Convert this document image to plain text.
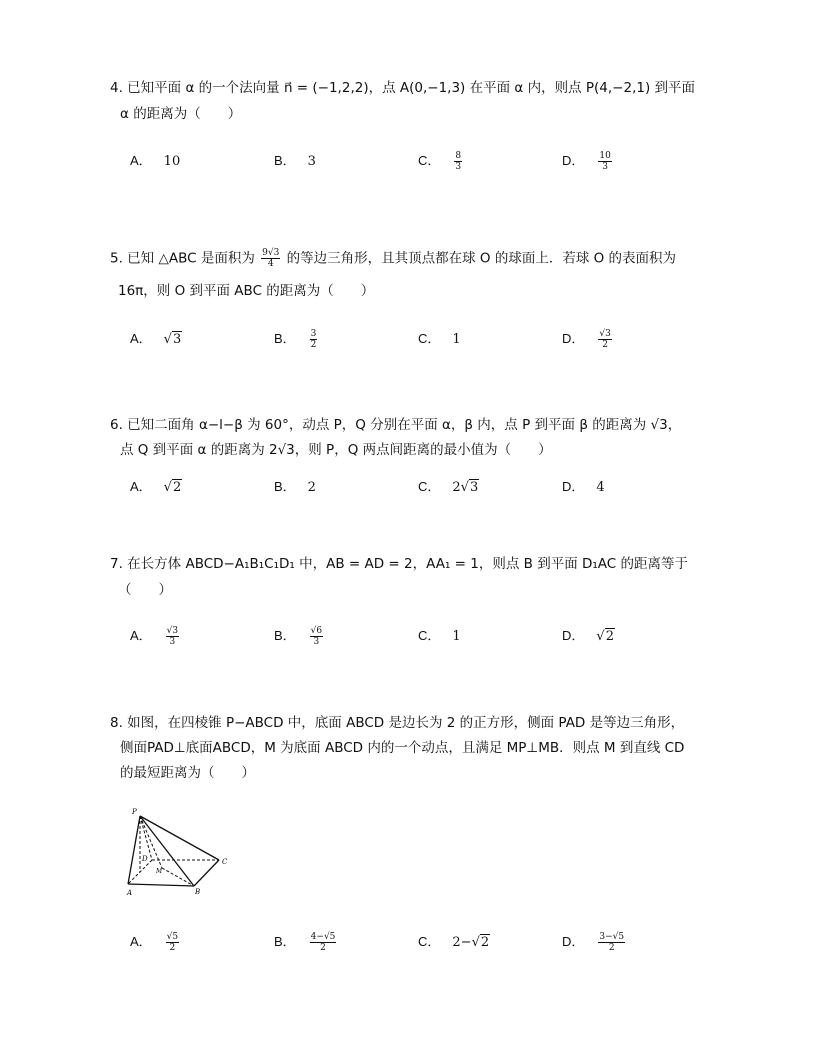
4. 已知平面 α 的一个法向量 n⃗ = (−1,2,2)，点 A(0,−1,3) 在平面 α 内，则点 P(4,−2,1) 到平面
α 的距离为（　　）
A． 10	B． 3	C． $\frac{8}{3}$	D． $\frac{10}{3}$
5. 已知 △ABC 是面积为 $\frac{9√3}{4}$ 的等边三角形，且其顶点都在球 O 的球面上．若球 O 的表面积为
16π，则 O 到平面 ABC 的距离为（　　）
A． √3	B． $\frac{3}{2}$	C． 1	D． $\frac{√3}{2}$
6. 已知二面角 α−l−β 为 60°，动点 P，Q 分别在平面 α，β 内，点 P 到平面 β 的距离为 √3，
点 Q 到平面 α 的距离为 2√3，则 P，Q 两点间距离的最小值为（　　）
A． √2	B． 2	C． 2√3	D． 4
7. 在长方体 ABCD−A₁B₁C₁D₁ 中，AB = AD = 2，AA₁ = 1，则点 B 到平面 D₁AC 的距离等于
（　　）
A． $\frac{√3}{3}$	B． $\frac{√6}{3}$	C． 1	D． √2
8. 如图，在四棱锥 P−ABCD 中，底面 ABCD 是边长为 2 的正方形，侧面 PAD 是等边三角形，
侧面PAD⊥底面ABCD，M 为底面 ABCD 内的一个动点，且满足 MP⊥MB．则点 M 到直线 CD
的最短距离为（　　）
P
D
M
C
A	B
A． $\frac{√5}{2}$	B． $\frac{4-√5}{2}$	C． 2−√2	D． $\frac{3-√5}{2}$
